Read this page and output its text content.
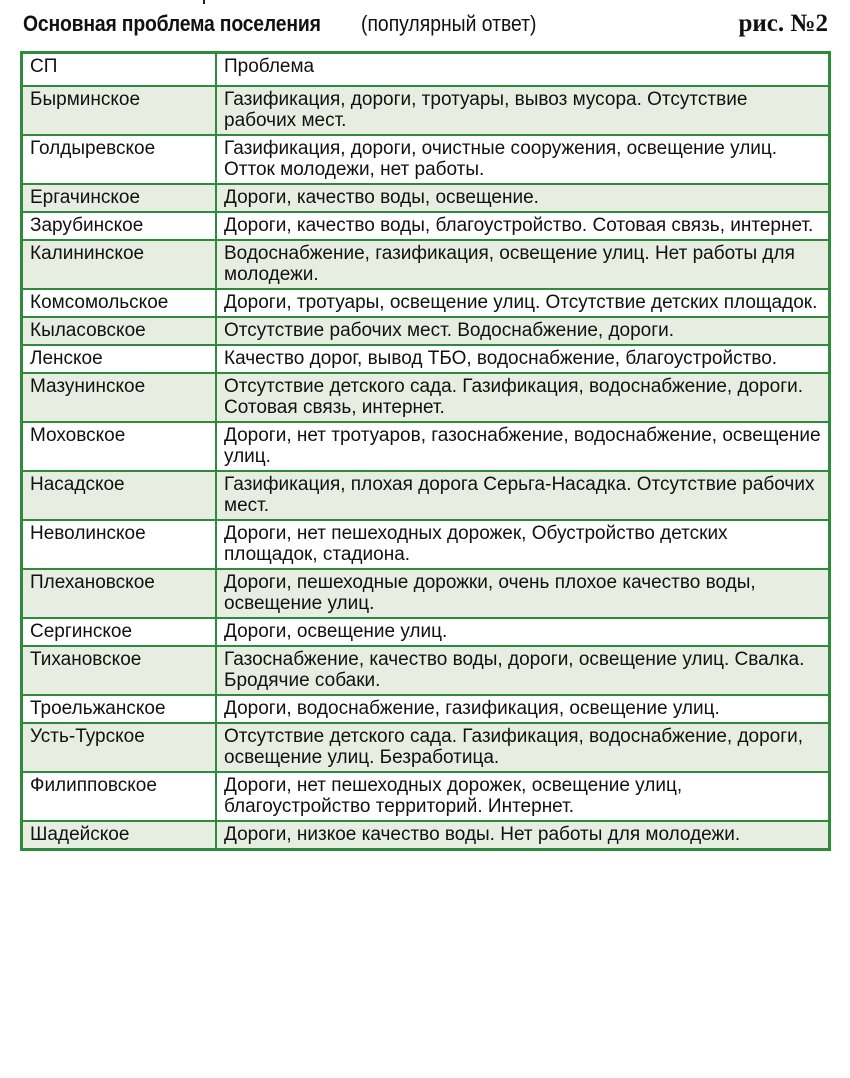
Основная проблема поселения(популярный ответ)	рис. №2
СП	Проблема
Бырминское	Газификация, дороги, тротуары, вывоз мусора. Отсутствие рабочих мест.
Голдыревское	Газификация, дороги, очистные сооружения, освещение улиц. Отток молодежи, нет работы.
Ергачинское	Дороги, качество воды, освещение.
Зарубинское	Дороги, качество воды, благоустройство. Сотовая связь, интернет.
Калининское	Водоснабжение, газификация, освещение улиц. Нет работы для молодежи.
Комсомольское	Дороги, тротуары, освещение улиц. Отсутствие детских площадок.
Кыласовское	Отсутствие рабочих мест. Водоснабжение, дороги.
Ленское	Качество дорог, вывод ТБО, водоснабжение, благоустройство.
Мазунинское	Отсутствие детского сада. Газификация, водоснабжение, дороги. Сотовая связь, интернет.
Моховское	Дороги, нет тротуаров, газоснабжение, водоснабжение, освещение улиц.
Насадское	Газификация, плохая дорога Серьга-Насадка. Отсутствие рабочих мест.
Неволинское	Дороги, нет пешеходных дорожек, Обустройство детских площадок, стадиона.
Плехановское	Дороги, пешеходные дорожки, очень плохое качество воды, освещение улиц.
Сергинское	Дороги, освещение улиц.
Тихановское	Газоснабжение, качество воды, дороги, освещение улиц. Свалка. Бродячие собаки.
Троельжанское	Дороги, водоснабжение, газификация, освещение улиц.
Усть-Турское	Отсутствие детского сада. Газификация, водоснабжение, дороги, освещение улиц. Безработица.
Филипповское	Дороги, нет пешеходных дорожек, освещение улиц, благоустройство территорий. Интернет.
Шадейское	Дороги, низкое качество воды. Нет работы для молодежи.
